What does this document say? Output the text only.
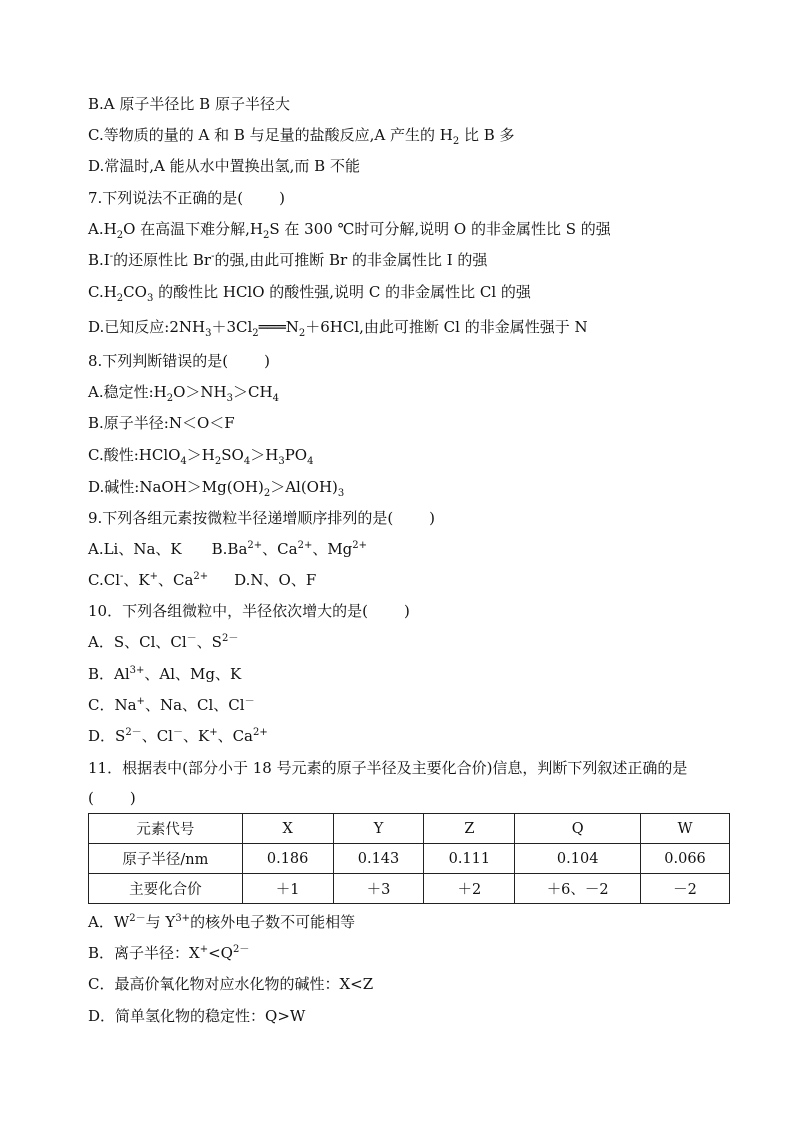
B.A 原子半径比 B 原子半径大
C.等物质的量的 A 和 B 与足量的盐酸反应,A 产生的 $H_2$ 比 B 多
D.常温时,A 能从水中置换出氢,而 B 不能
7.下列说法不正确的是( )
$A.H_2O$ 在高温下难分解$,H_2S$ 在 300 ℃时可分解,说明 O 的非金属性比 S 的强
B.I-的还原性比 Br-的强,由此可推断 Br 的非金属性比 I 的强
$C.H_2CO_3$ 的酸性比 HClO 的酸性强,说明 C 的非金属性比 Cl 的强
D.已知反应$:2NH_3+3Cl_2═══N_2+6HCl$,由此可推断 Cl 的非金属性强于 N
8.下列判断错误的是( )
A.稳定性$:H_2O>NH_3>CH_4$
B.原子半径:N＜O＜F
C.酸性$:HClO_4>H_2SO_4>H_3PO_4$
D.碱性$:NaOH>Mg(OH)_2>Al(OH)_3$
9.下列各组元素按微粒半径递增顺序排列的是( )
A.Li、Na、K $B.Ba^{2+}$、$Ca^{2+}$、$Mg^{2+}$
C.Cl-、K+、$Ca^{2+}$ D.N、O、F
10．下列各组微粒中，半径依次增大的是( )
A．S、Cl、Cl－、$S^{2-}$
B．$Al^{3+}$、Al、Mg、K
C．Na+、Na、Cl、Cl－
D．$S^{2-}$、Cl－、K+、$Ca^{2+}$
11．根据表中(部分小于 18 号元素的原子半径及主要化合价)信息，判断下列叙述正确的是
( )
元素代号	X	Y	Z	Q	W
原子半径/nm	0.186	0.143	0.111	0.104	0.066
主要化合价	＋1	＋3	＋2	＋6、－2	－2
A．$W^{2-}$与 $Y^{3+}$的核外电子数不可能相等
B．离子半径：$X^+<Q^{2-}$
C．最高价氧化物对应水化物的碱性：X<Z
D．简单氢化物的稳定性：Q>W
